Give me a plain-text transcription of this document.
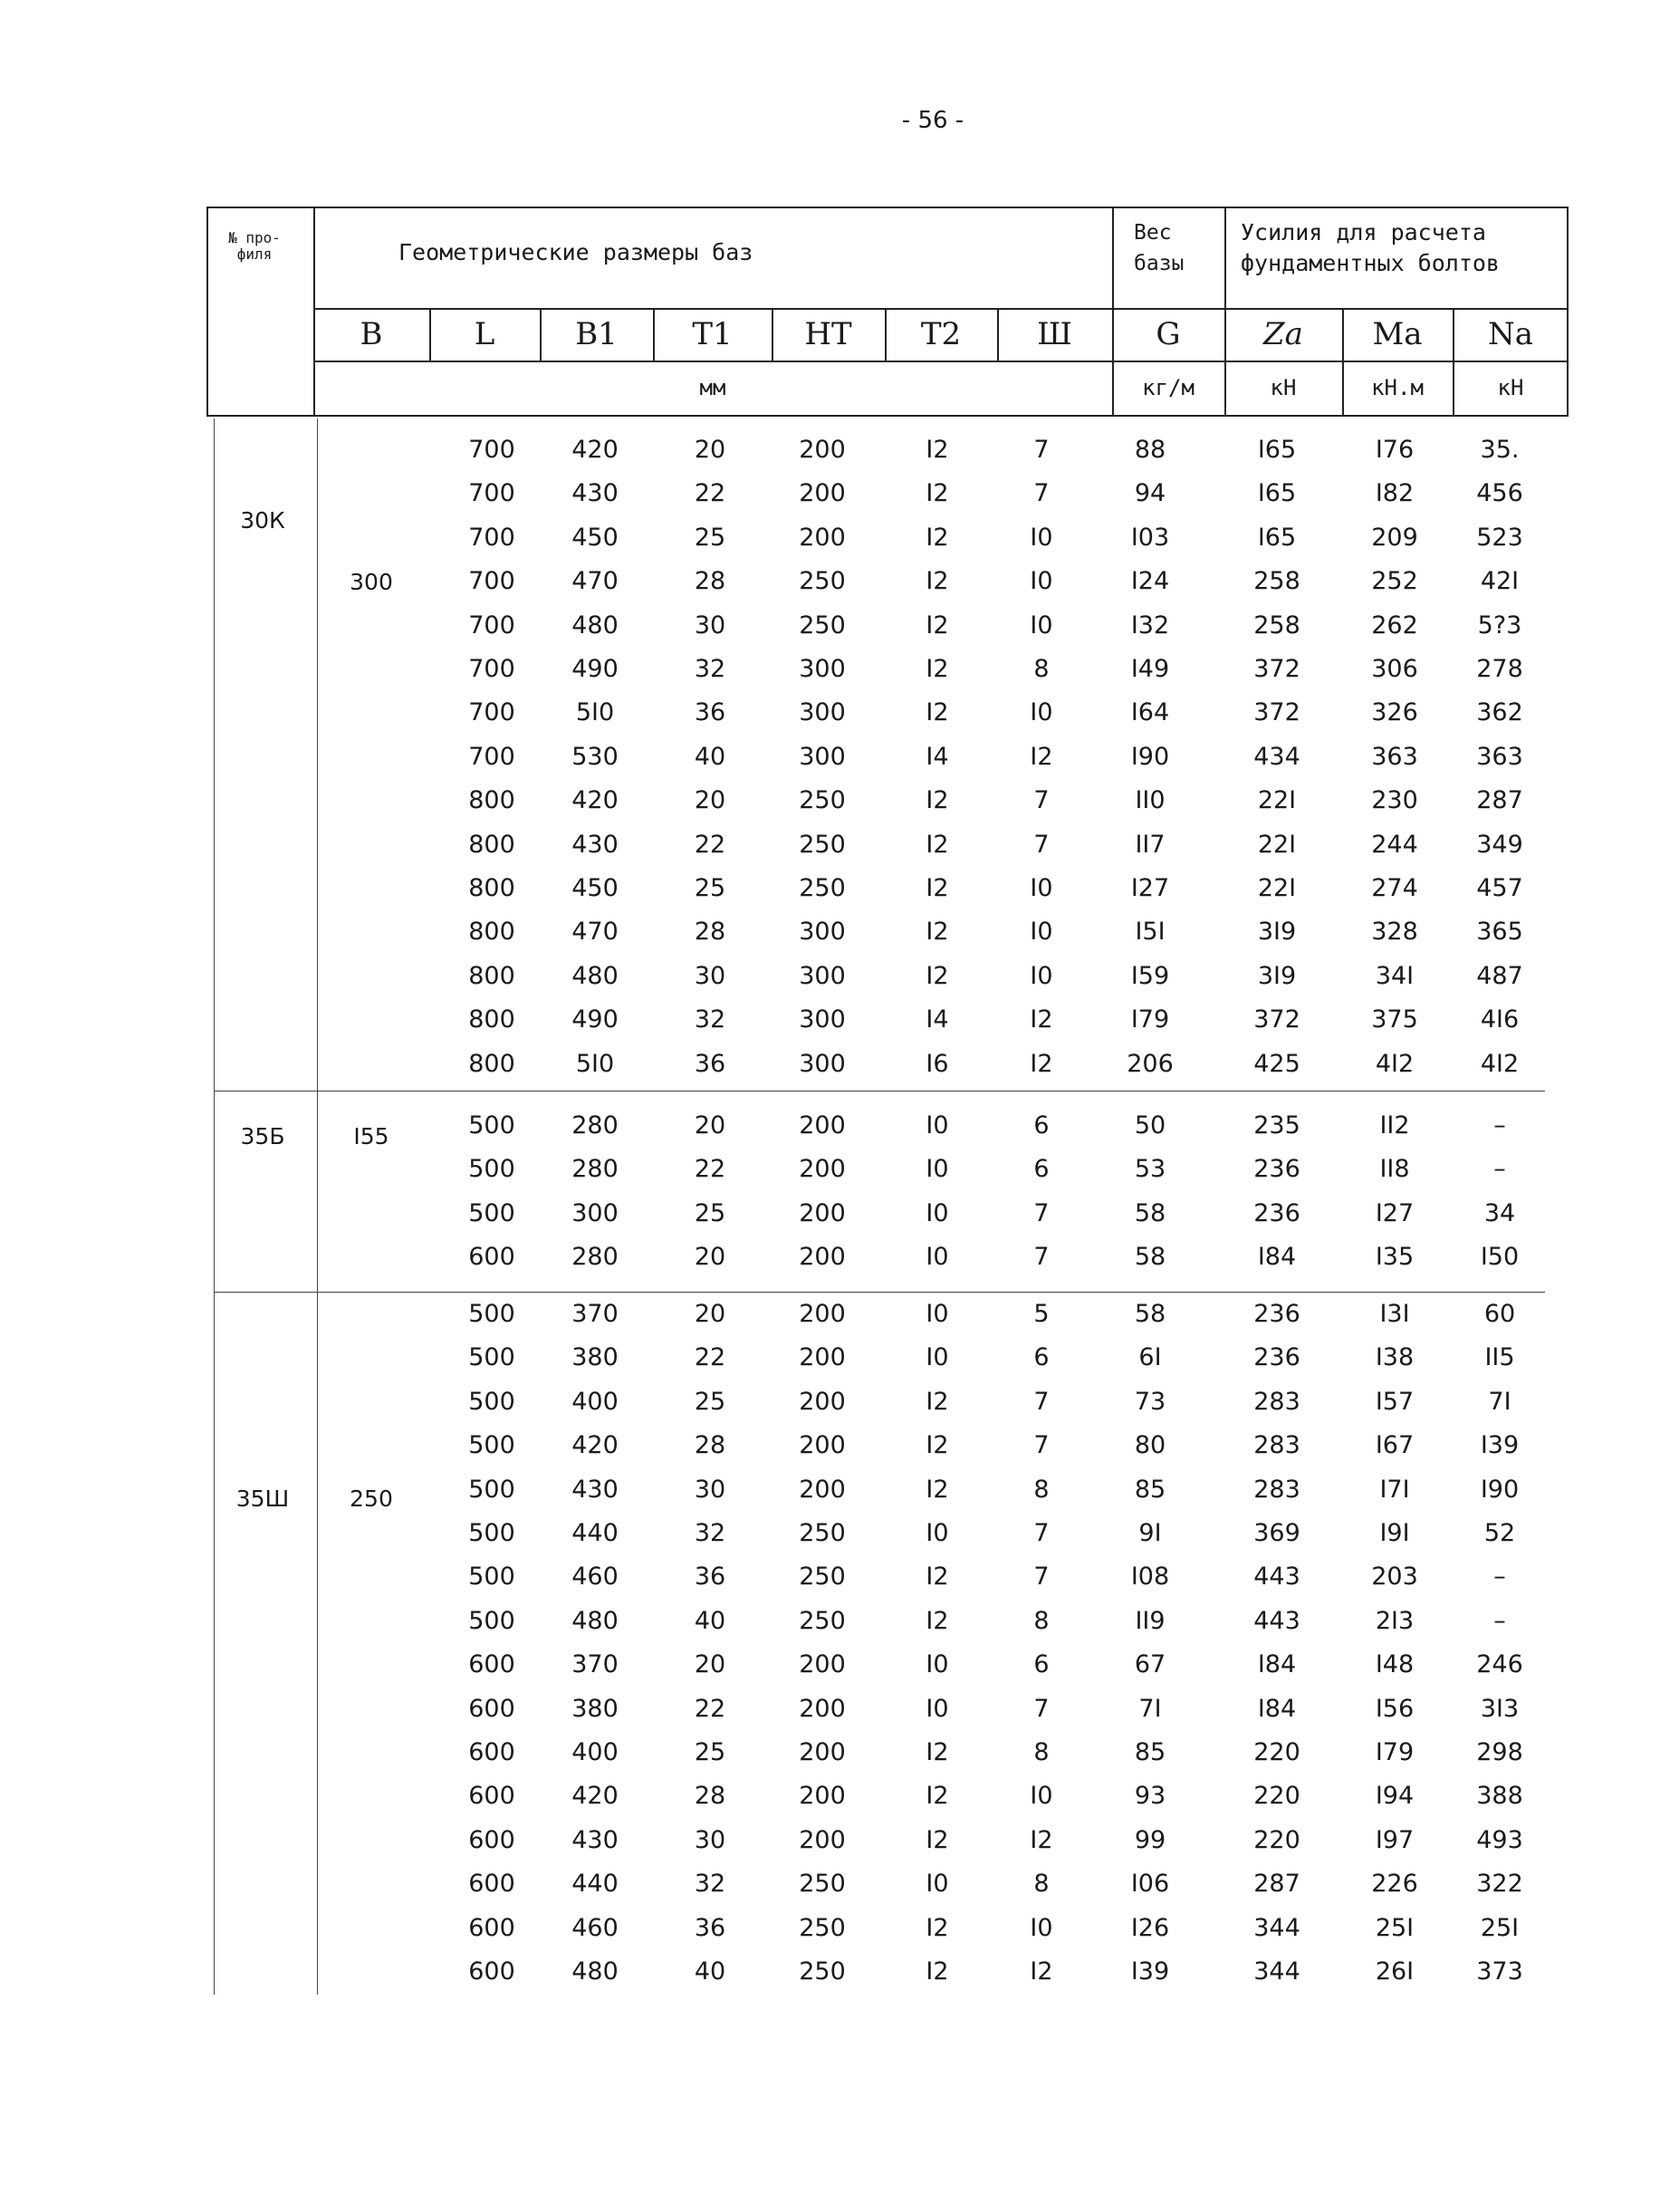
- 56 -
№ про-филя	Геометрические размеры баз
Вес базы
Усилия для расчета фундаментных болтов
B	L	B1	T1	HT	T2	Ш	G	Za	Ma	Na
мм	кг/м	кН	кН.м	кН
30К
300
700	420	20	200	I2	7	88	I65	I76	35.
700	430	22	200	I2	7	94	I65	I82	456
700	450	25	200	I2	I0	I03	I65	209	523
700	470	28	250	I2	I0	I24	258	252	42I
700	480	30	250	I2	I0	I32	258	262	5?3
700	490	32	300	I2	8	I49	372	306	278
700	5I0	36	300	I2	I0	I64	372	326	362
700	530	40	300	I4	I2	I90	434	363	363
800	420	20	250	I2	7	II0	22I	230	287
800	430	22	250	I2	7	II7	22I	244	349
800	450	25	250	I2	I0	I27	22I	274	457
800	470	28	300	I2	I0	I5I	3I9	328	365
800	480	30	300	I2	I0	I59	3I9	34I	487
800	490	32	300	I4	I2	I79	372	375	4I6
800	5I0	36	300	I6	I2	206	425	4I2	4I2
35Б	I55	500	280	20	200	I0	6	50	235	II2	–
500	280	22	200	I0	6	53	236	II8	–
500	300	25	200	I0	7	58	236	I27	34
600	280	20	200	I0	7	58	I84	I35	I50
35Ш	250
500	370	20	200	I0	5	58	236	I3I	60
500	380	22	200	I0	6	6I	236	I38	II5
500	400	25	200	I2	7	73	283	I57	7I
500	420	28	200	I2	7	80	283	I67	I39
500	430	30	200	I2	8	85	283	I7I	I90
500	440	32	250	I0	7	9I	369	I9I	52
500	460	36	250	I2	7	I08	443	203	–
500	480	40	250	I2	8	II9	443	2I3	–
600	370	20	200	I0	6	67	I84	I48	246
600	380	22	200	I0	7	7I	I84	I56	3I3
600	400	25	200	I2	8	85	220	I79	298
600	420	28	200	I2	I0	93	220	I94	388
600	430	30	200	I2	I2	99	220	I97	493
600	440	32	250	I0	8	I06	287	226	322
600	460	36	250	I2	I0	I26	344	25I	25I
600	480	40	250	I2	I2	I39	344	26I	373
